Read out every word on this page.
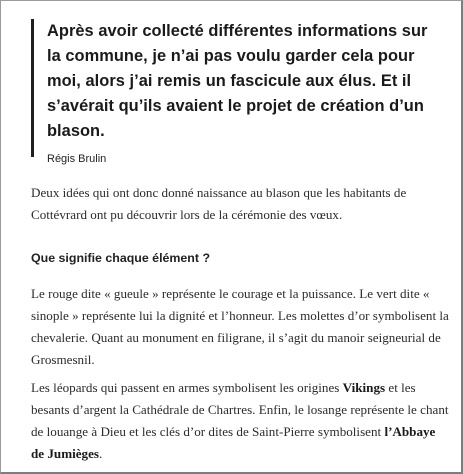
Après avoir collecté différentes informations sur la commune, je n’ai pas voulu garder cela pour moi, alors j’ai remis un fascicule aux élus. Et il s’avérait qu’ils avaient le projet de création d’un blason.

Régis Brulin

Deux idées qui ont donc donné naissance au blason que les habitants de Cottévrard ont pu découvrir lors de la cérémonie des vœux.

Que signifie chaque élément ?

Le rouge dite « gueule » représente le courage et la puissance. Le vert dite « sinople » représente lui la dignité et l’honneur. Les molettes d’or symbolisent la chevalerie. Quant au monument en filigrane, il s’agit du manoir seigneurial de Grosmesnil.

Les léopards qui passent en armes symbolisent les origines Vikings et les besants d’argent la Cathédrale de Chartres. Enfin, le losange représente le chant de louange à Dieu et les clés d’or dites de Saint-Pierre symbolisent l’Abbaye de Jumièges.
